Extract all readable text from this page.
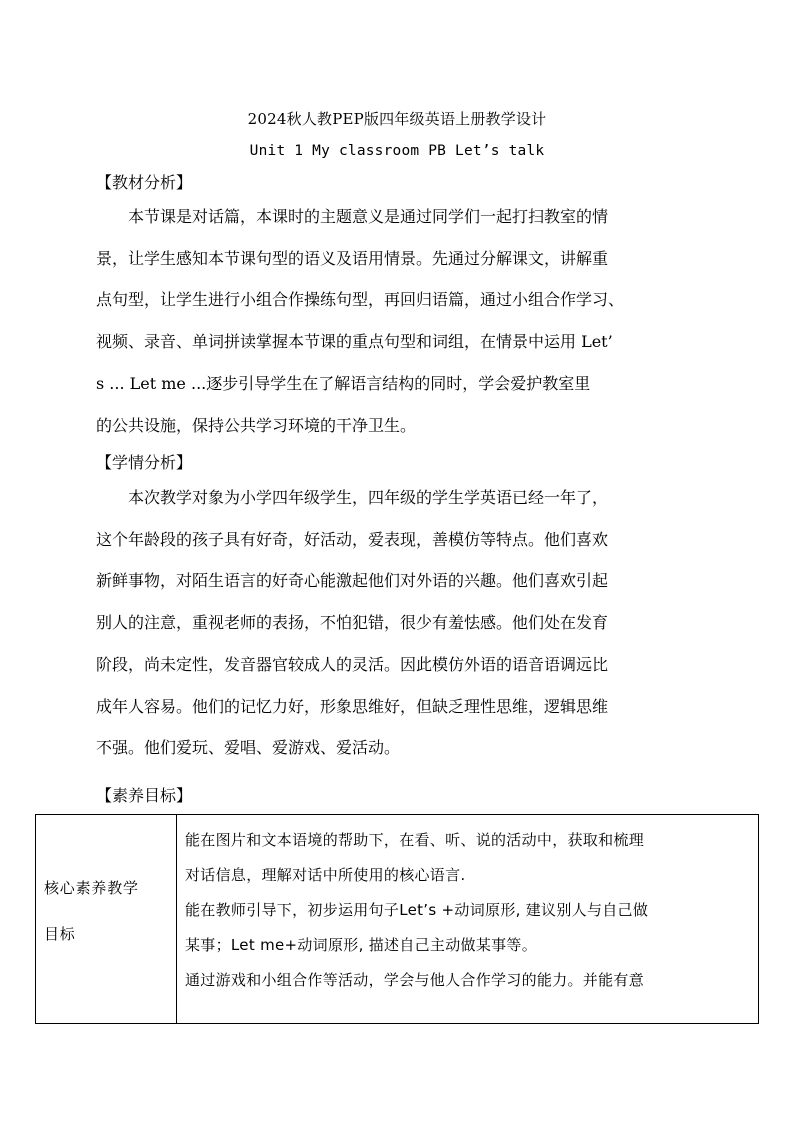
2024秋人教PEP版四年级英语上册教学设计
Unit 1 My classroom PB Let’s talk
【教材分析】

本节课是对话篇，本课时的主题意义是通过同学们一起打扫教室的情
景，让学生感知本节课句型的语义及语用情景。先通过分解课文，讲解重
点句型，让学生进行小组合作操练句型，再回归语篇，通过小组合作学习、
视频、录音、单词拼读掌握本节课的重点句型和词组，在情景中运用 Let’
s ... Let me ...逐步引导学生在了解语言结构的同时，学会爱护教室里
的公共设施，保持公共学习环境的干净卫生。

【学情分析】

本次教学对象为小学四年级学生，四年级的学生学英语已经一年了，
这个年龄段的孩子具有好奇，好活动，爱表现，善模仿等特点。他们喜欢
新鲜事物，对陌生语言的好奇心能激起他们对外语的兴趣。他们喜欢引起
别人的注意，重视老师的表扬，不怕犯错，很少有羞怯感。他们处在发育
阶段，尚未定性，发音器官较成人的灵活。因此模仿外语的语音语调远比
成年人容易。他们的记忆力好，形象思维好，但缺乏理性思维，逻辑思维
不强。他们爱玩、爱唱、爱游戏、爱活动。

【素养目标】
核心素养教学
目标
能在图片和文本语境的帮助下，在看、听、说的活动中，获取和梳理
对话信息，理解对话中所使用的核心语言.
能在教师引导下，初步运用句子Let’s +动词原形, 建议别人与自己做
某事；Let me+动词原形, 描述自己主动做某事等。
通过游戏和小组合作等活动，学会与他人合作学习的能力。并能有意
